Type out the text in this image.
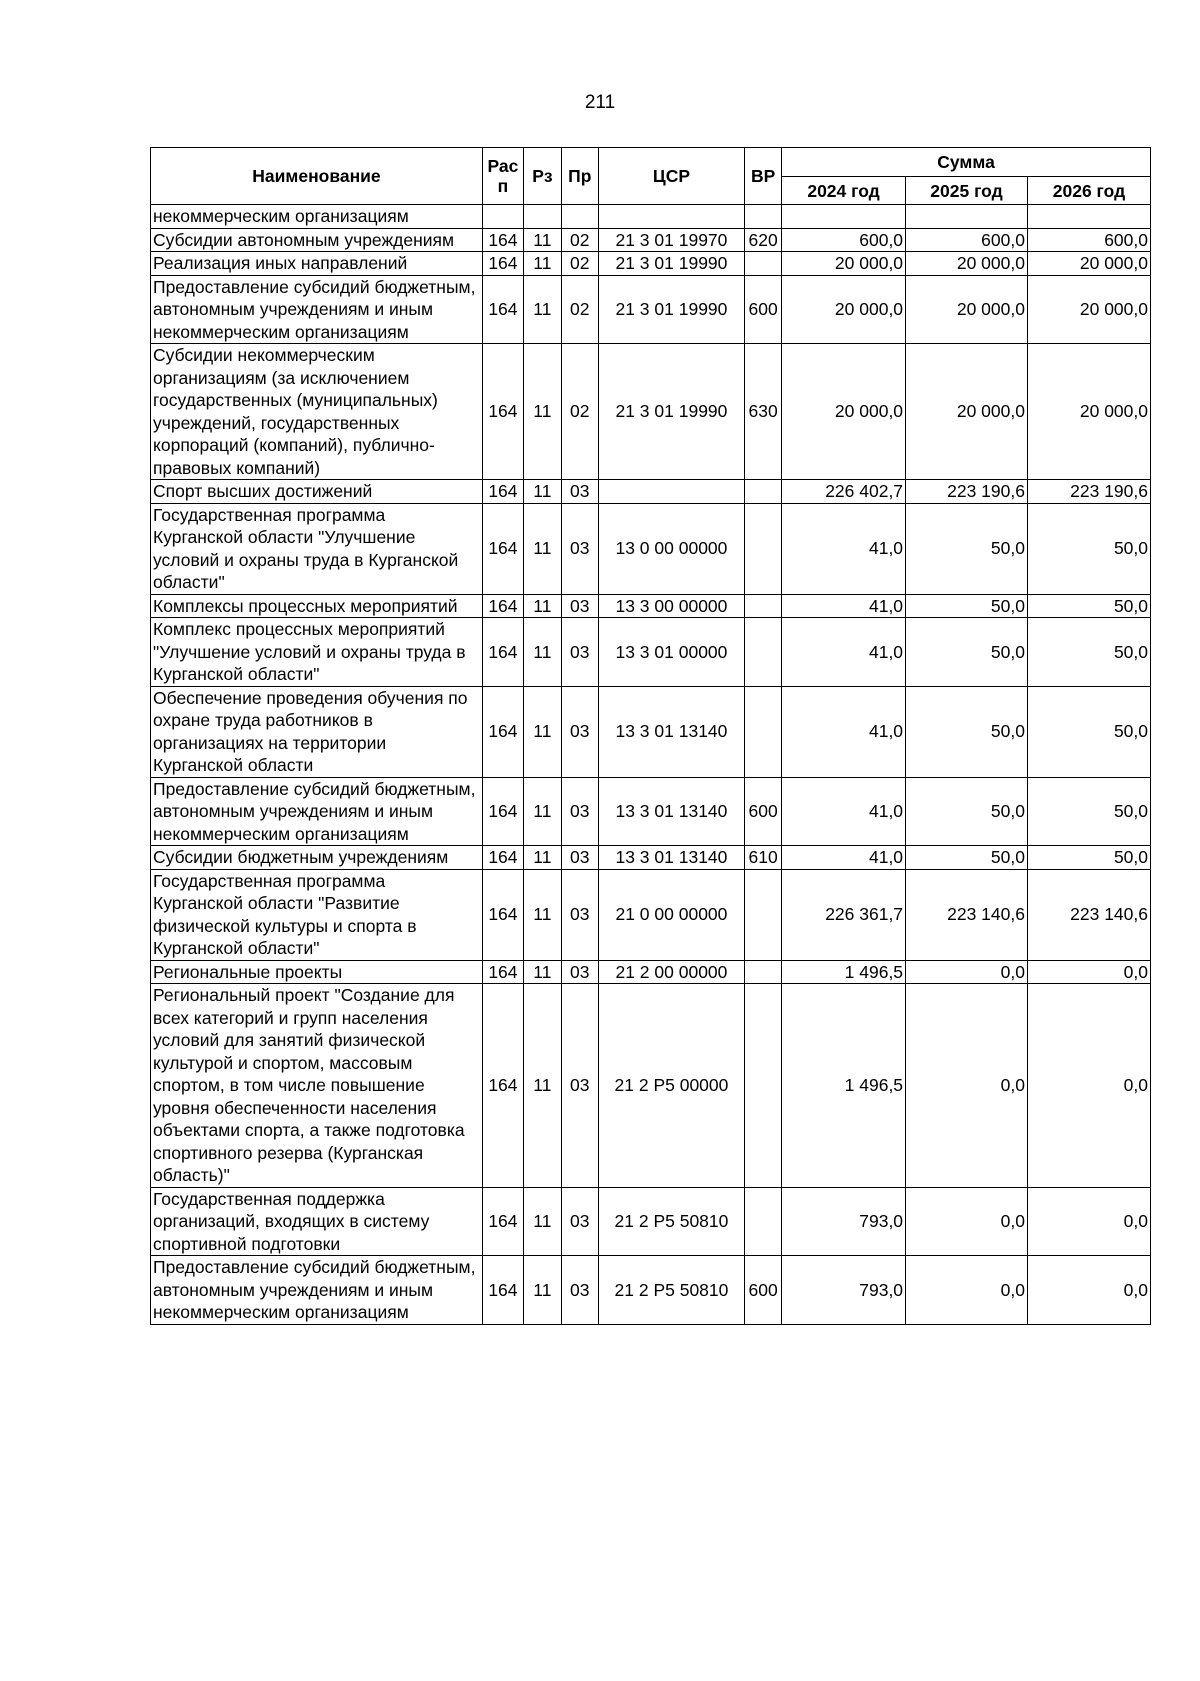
211
Наименование	Рас п	Рз	Пр	ЦСР	ВР	Сумма		
						2024 год	2025 год	2026 год
некоммерческим организациям								
Субсидии автономным учреждениям	164	11	02	21 3 01 19970	620	600,0	600,0	600,0
Реализация иных направлений	164	11	02	21 3 01 19990		20 000,0	20 000,0	20 000,0
Предоставление субсидий бюджетным, автономным учреждениям и иным некоммерческим организациям	164	11	02	21 3 01 19990	600	20 000,0	20 000,0	20 000,0
Субсидии некоммерческим организациям (за исключением государственных (муниципальных) учреждений, государственных корпораций (компаний), публично-правовых компаний)	164	11	02	21 3 01 19990	630	20 000,0	20 000,0	20 000,0
Спорт высших достижений	164	11	03			226 402,7	223 190,6	223 190,6
Государственная программа Курганской области "Улучшение условий и охраны труда в Курганской области"	164	11	03	13 0 00 00000		41,0	50,0	50,0
Комплексы процессных мероприятий	164	11	03	13 3 00 00000		41,0	50,0	50,0
Комплекс процессных мероприятий "Улучшение условий и охраны труда в Курганской области"	164	11	03	13 3 01 00000		41,0	50,0	50,0
Обеспечение проведения обучения по охране труда работников в организациях на территории Курганской области	164	11	03	13 3 01 13140		41,0	50,0	50,0
Предоставление субсидий бюджетным, автономным учреждениям и иным некоммерческим организациям	164	11	03	13 3 01 13140	600	41,0	50,0	50,0
Субсидии бюджетным учреждениям	164	11	03	13 3 01 13140	610	41,0	50,0	50,0
Государственная программа Курганской области "Развитие физической культуры и спорта в Курганской области"	164	11	03	21 0 00 00000		226 361,7	223 140,6	223 140,6
Региональные проекты	164	11	03	21 2 00 00000		1 496,5	0,0	0,0
Региональный проект "Создание для всех категорий и групп населения условий для занятий физической культурой и спортом, массовым спортом, в том числе повышение уровня обеспеченности населения объектами спорта, а также подготовка спортивного резерва (Курганская область)"	164	11	03	21 2 P5 00000		1 496,5	0,0	0,0
Государственная поддержка организаций, входящих в систему спортивной подготовки	164	11	03	21 2 P5 50810		793,0	0,0	0,0
Предоставление субсидий бюджетным, автономным учреждениям и иным некоммерческим организациям	164	11	03	21 2 P5 50810	600	793,0	0,0	0,0
